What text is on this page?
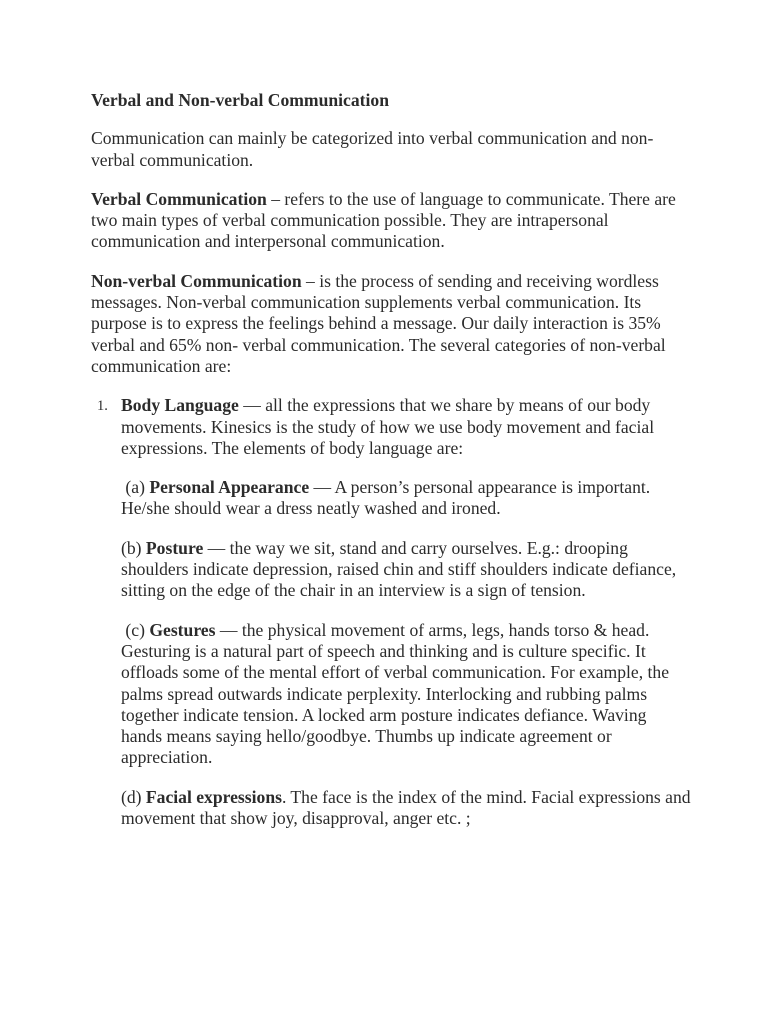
Verbal and Non-verbal Communication

Communication can mainly be categorized into verbal communication and non-verbal communication.

Verbal Communication – refers to the use of language to communicate. There are two main types of verbal communication possible. They are intrapersonal communication and interpersonal communication.

Non-verbal Communication – is the process of sending and receiving wordless messages. Non-verbal communication supplements verbal communication. Its purpose is to express the feelings behind a message. Our daily interaction is 35% verbal and 65% non- verbal communication. The several categories of non-verbal communication are:

1. Body Language — all the expressions that we share by means of our body movements. Kinesics is the study of how we use body movement and facial expressions. The elements of body language are:

(a) Personal Appearance — A person’s personal appearance is important. He/she should wear a dress neatly washed and ironed.

(b) Posture — the way we sit, stand and carry ourselves. E.g.: drooping shoulders indicate depression, raised chin and stiff shoulders indicate defiance, sitting on the edge of the chair in an interview is a sign of tension.

(c) Gestures — the physical movement of arms, legs, hands torso & head. Gesturing is a natural part of speech and thinking and is culture specific. It offloads some of the mental effort of verbal communication. For example, the palms spread outwards indicate perplexity. Interlocking and rubbing palms together indicate tension. A locked arm posture indicates defiance. Waving hands means saying hello/goodbye. Thumbs up indicate agreement or appreciation.

(d) Facial expressions. The face is the index of the mind. Facial expressions and movement that show joy, disapproval, anger etc. ;
